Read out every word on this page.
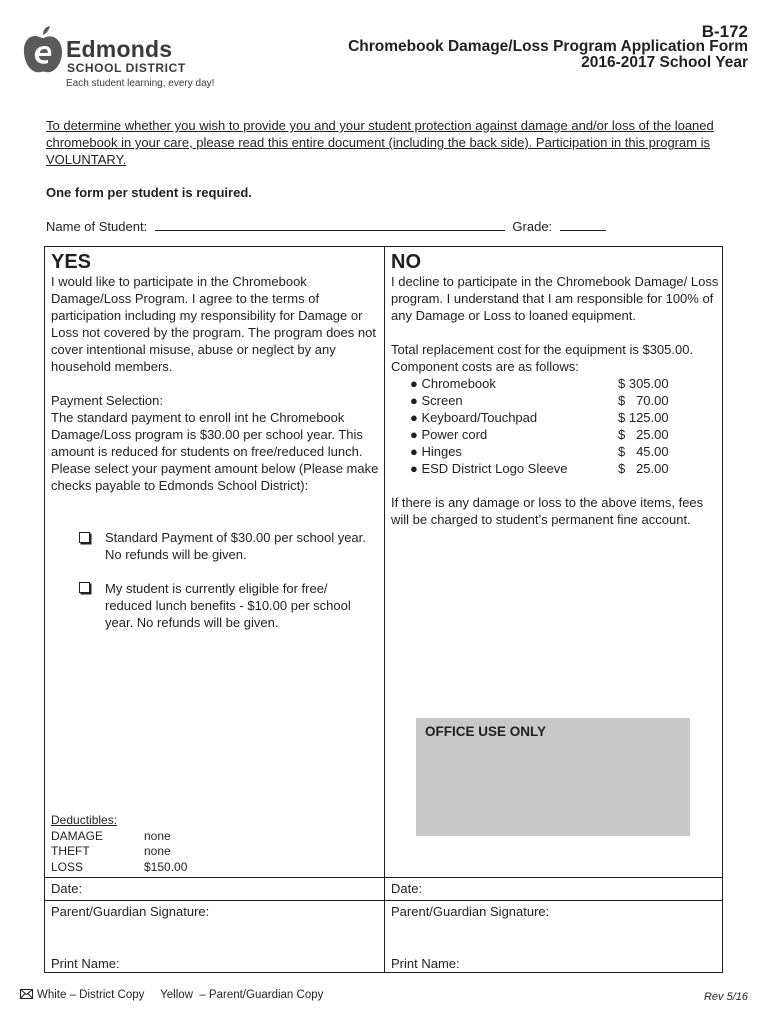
Edmonds
SCHOOL DISTRICT
Each student learning, every day!
B-172
Chromebook Damage/Loss Program Application Form
2016-2017 School Year
To determine whether you wish to provide you and your student protection against damage and/or loss of the loaned chromebook in your care, please read this entire document (including the back side). Participation in this program is VOLUNTARY.
One form per student is required.
Name of Student:	Grade:
YES
I would like to participate in the Chromebook Damage/Loss Program. I agree to the terms of participation including my responsibility for Damage or Loss not covered by the program. The program does not cover intentional misuse, abuse or neglect by any household members.
Payment Selection:
The standard payment to enroll int he Chromebook Damage/Loss program is $30.00 per school year. This amount is reduced for students on free/reduced lunch. Please select your payment amount below (Please make checks payable to Edmonds School District):
Standard Payment of $30.00 per school year. No refunds will be given.
My student is currently eligible for free/ reduced lunch benefits - $10.00 per school year. No refunds will be given.
Deductibles:
DAMAGE	none
THEFT	none
LOSS	$150.00
NO
I decline to participate in the Chromebook Damage/ Loss program. I understand that I am responsible for 100% of any Damage or Loss to loaned equipment.
Total replacement cost for the equipment is $305.00.
Component costs are as follows:
● Chromebook	$ 305.00
● Screen	$   70.00
● Keyboard/Touchpad	$ 125.00
● Power cord	$   25.00
● Hinges	$   45.00
● ESD District Logo Sleeve	$   25.00
If there is any damage or loss to the above items, fees will be charged to student’s permanent fine account.
OFFICE USE ONLY
Date:	Date:
Parent/Guardian Signature:	Parent/Guardian Signature:
Print Name:	Print Name:
White – District Copy     Yellow  – Parent/Guardian Copy	Rev 5/16
